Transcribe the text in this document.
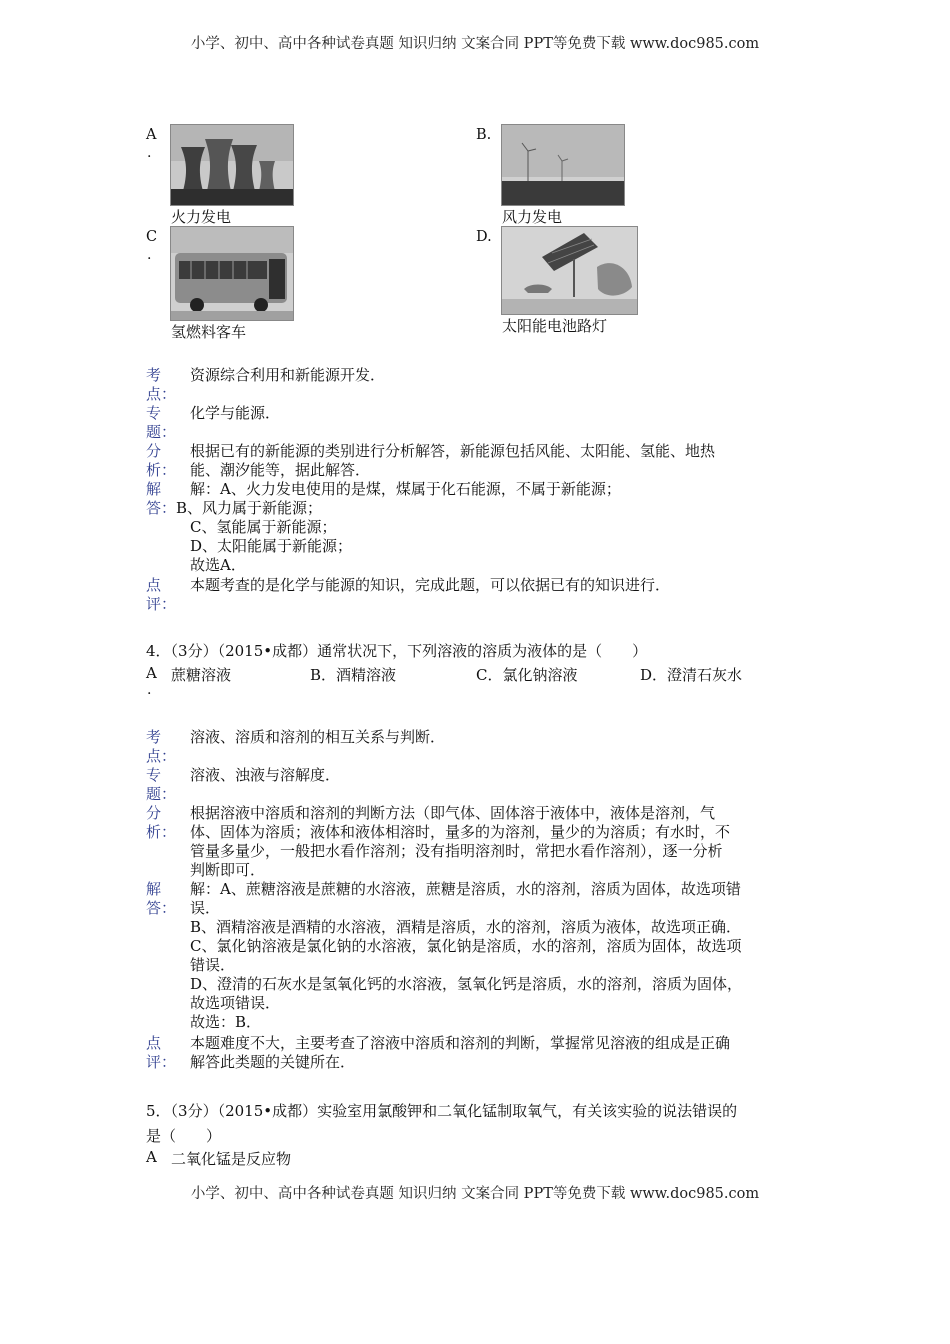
小学、初中、高中各种试卷真题 知识归纳 文案合同 PPT等免费下载 www.doc985.com
A
.
火力发电
B.
风力发电
C
.
氢燃料客车
D.
太阳能电池路灯
考
点：
资源综合利用和新能源开发．
专
题：
化学与能源．
分
析：
根据已有的新能源的类别进行分析解答，新能源包括风能、太阳能、氢能、地热
能、潮汐能等，据此解答．
解
答：
解：A、火力发电使用的是煤，煤属于化石能源，不属于新能源；
B、风力属于新能源；
C、氢能属于新能源；
D、太阳能属于新能源；
故选A．
点
评：
本题考查的是化学与能源的知识，完成此题，可以依据已有的知识进行．
4．（3分）（2015•成都）通常状况下，下列溶液的溶质为液体的是（　　）
A
.
蔗糖溶液	B．酒精溶液	C．氯化钠溶液	D．澄清石灰水
考
点：
溶液、溶质和溶剂的相互关系与判断．
专
题：
溶液、浊液与溶解度．
分
析：
根据溶液中溶质和溶剂的判断方法（即气体、固体溶于液体中，液体是溶剂，气
体、固体为溶质；液体和液体相溶时，量多的为溶剂，量少的为溶质；有水时，不
管量多量少，一般把水看作溶剂；没有指明溶剂时，常把水看作溶剂），逐一分析
判断即可．
解
答：
解：A、蔗糖溶液是蔗糖的水溶液，蔗糖是溶质，水的溶剂，溶质为固体，故选项错
误．
B、酒精溶液是酒精的水溶液，酒精是溶质，水的溶剂，溶质为液体，故选项正确．
C、氯化钠溶液是氯化钠的水溶液，氯化钠是溶质，水的溶剂，溶质为固体，故选项
错误．
D、澄清的石灰水是氢氧化钙的水溶液，氢氧化钙是溶质，水的溶剂，溶质为固体，
故选项错误．
故选：B．
点
评：
本题难度不大，主要考查了溶液中溶质和溶剂的判断，掌握常见溶液的组成是正确
解答此类题的关键所在．
5．（3分）（2015•成都）实验室用氯酸钾和二氧化锰制取氧气，有关该实验的说法错误的
是（　　）
A 二氧化锰是反应物
小学、初中、高中各种试卷真题 知识归纳 文案合同 PPT等免费下载 www.doc985.com
